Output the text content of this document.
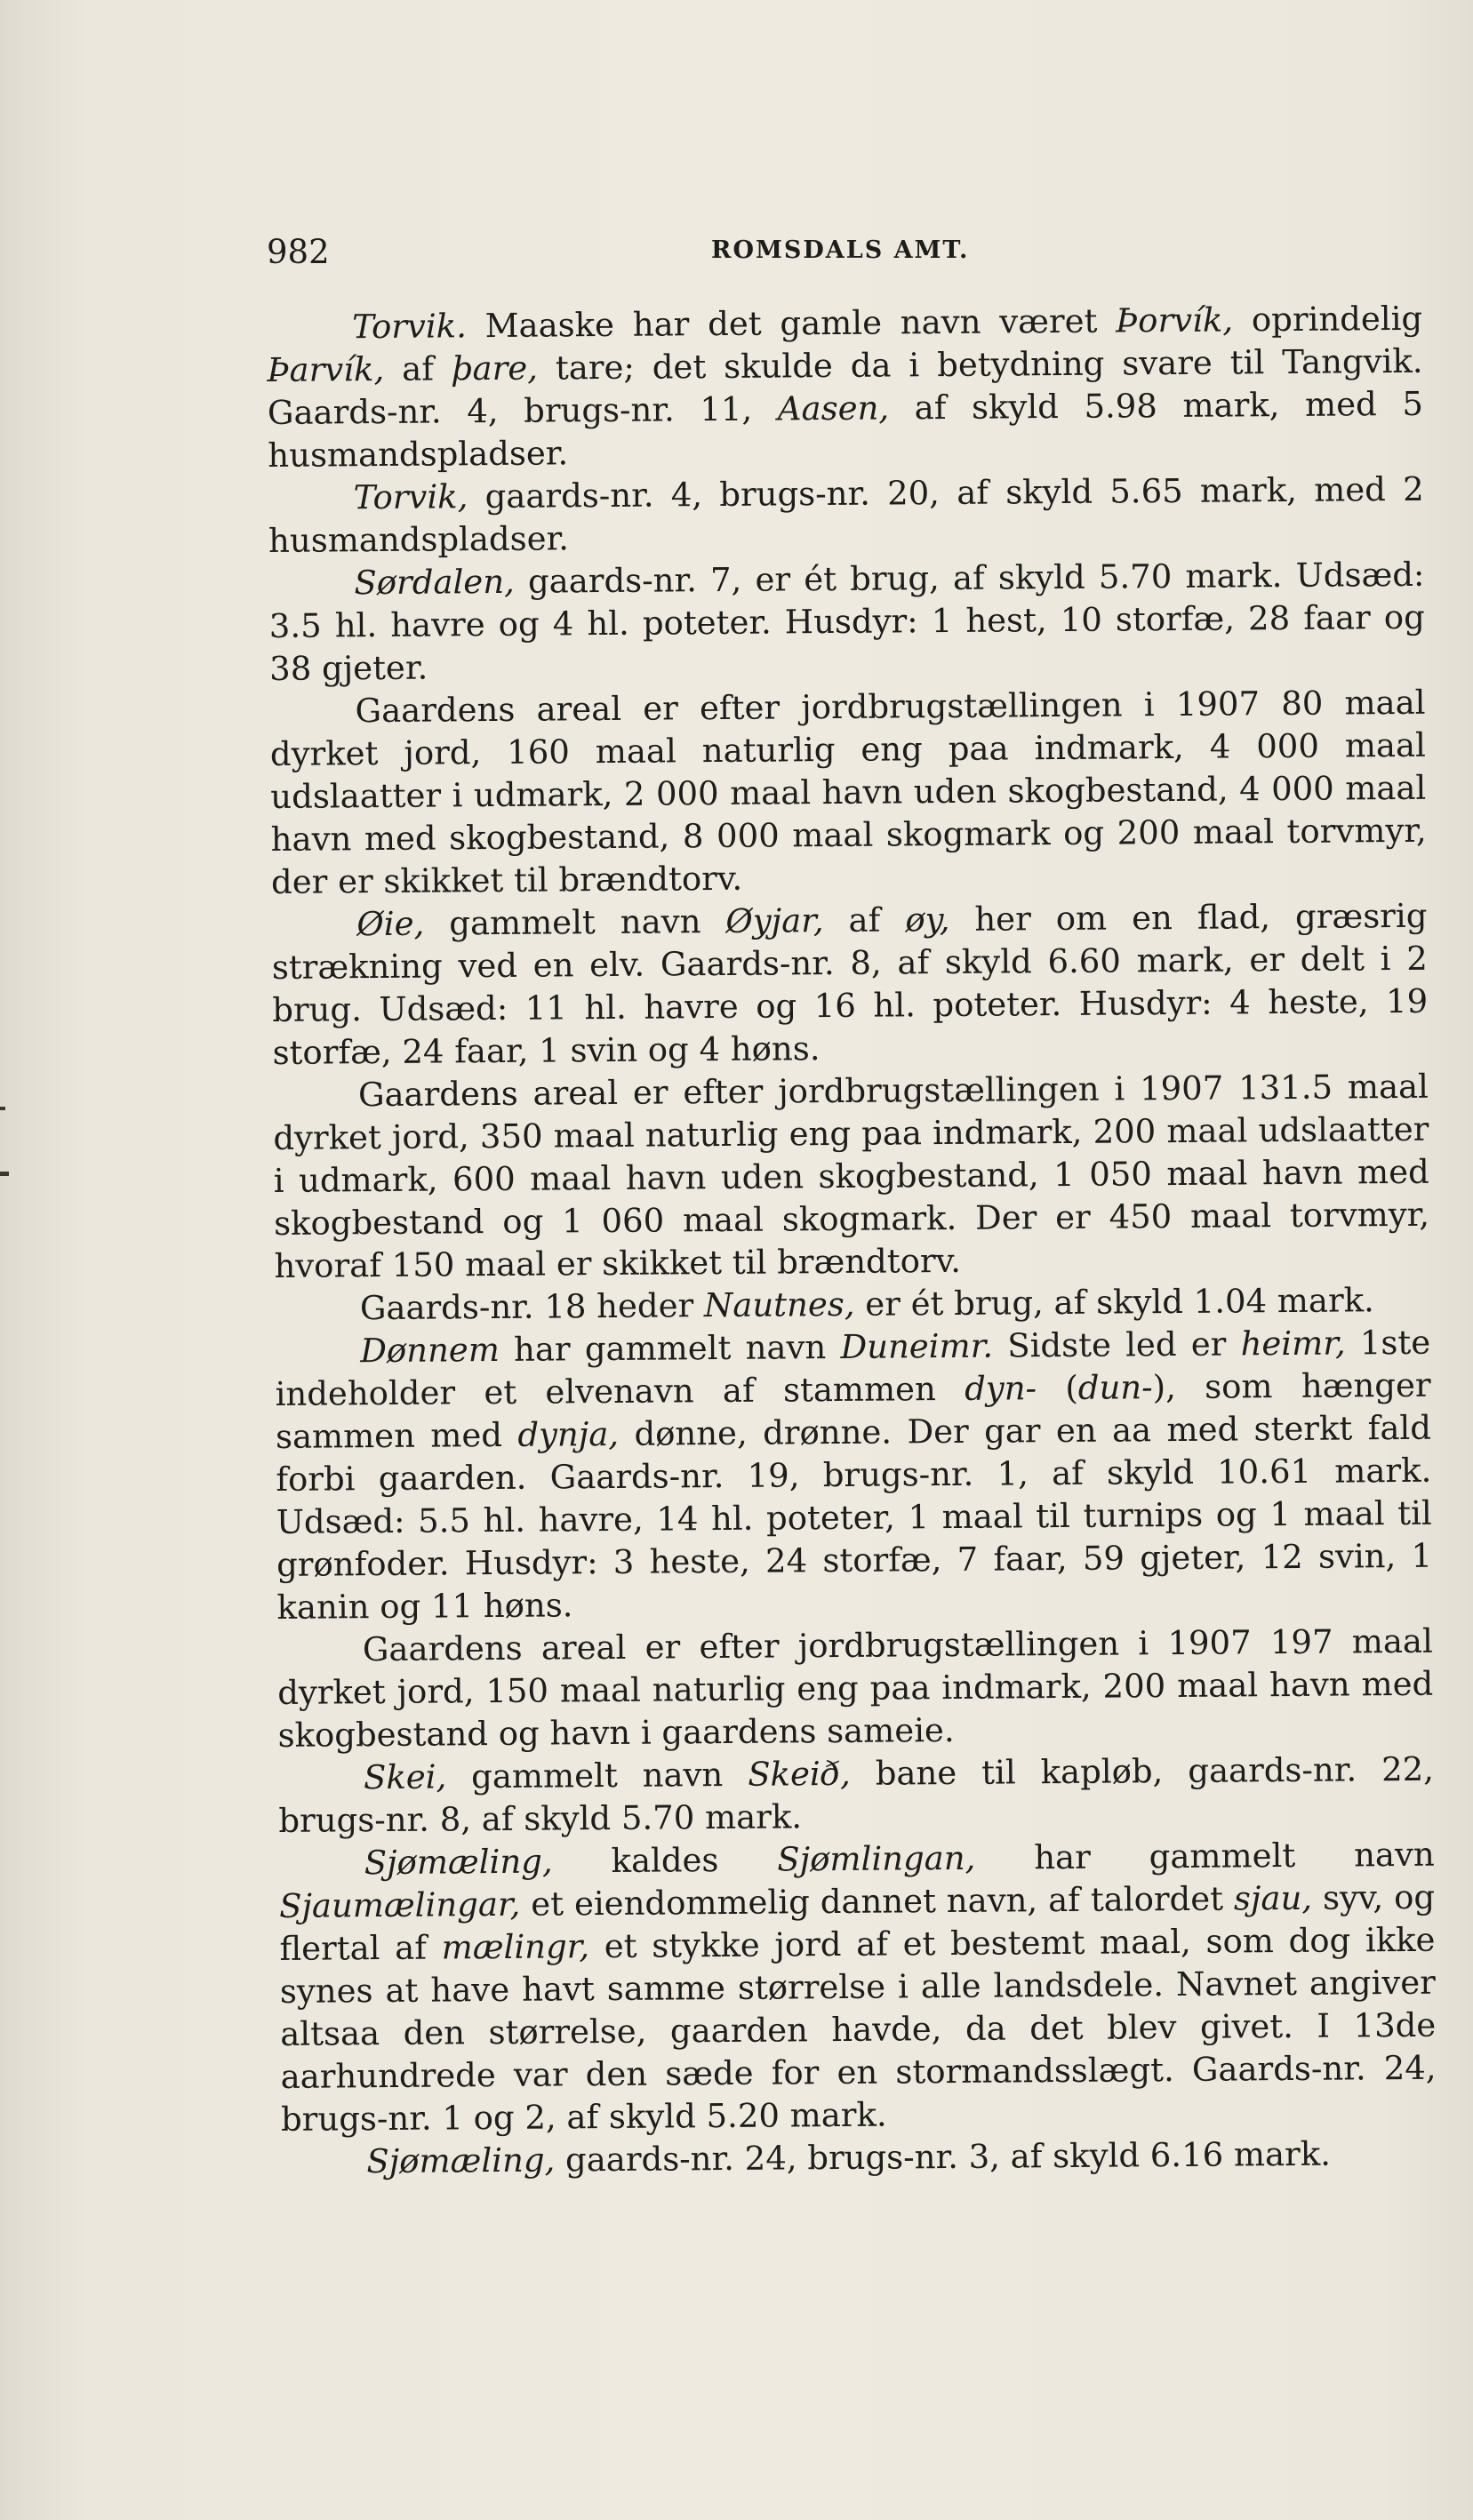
982	ROMSDALS AMT.

Torvik. Maaske har det gamle navn været Þorvík, oprindelig Þarvík, af þare, tare; det skulde da i betydning svare til Tangvik. Gaards-nr. 4, brugs-nr. 11, Aasen, af skyld 5.98 mark, med 5 husmandspladser.

Torvik, gaards-nr. 4, brugs-nr. 20, af skyld 5.65 mark, med 2 husmandspladser.

Sørdalen, gaards-nr. 7, er ét brug, af skyld 5.70 mark. Udsæd: 3.5 hl. havre og 4 hl. poteter. Husdyr: 1 hest, 10 storfæ, 28 faar og 38 gjeter.

Gaardens areal er efter jordbrugstællingen i 1907 80 maal dyrket jord, 160 maal naturlig eng paa indmark, 4 000 maal udslaatter i udmark, 2 000 maal havn uden skogbestand, 4 000 maal havn med skogbestand, 8 000 maal skogmark og 200 maal torvmyr, der er skikket til brændtorv.

Øie, gammelt navn Øyjar, af øy, her om en flad, græsrig strækning ved en elv. Gaards-nr. 8, af skyld 6.60 mark, er delt i 2 brug. Udsæd: 11 hl. havre og 16 hl. poteter. Husdyr: 4 heste, 19 storfæ, 24 faar, 1 svin og 4 høns.

Gaardens areal er efter jordbrugstællingen i 1907 131.5 maal dyrket jord, 350 maal naturlig eng paa indmark, 200 maal udslaatter i udmark, 600 maal havn uden skogbestand, 1 050 maal havn med skogbestand og 1 060 maal skogmark. Der er 450 maal torvmyr, hvoraf 150 maal er skikket til brændtorv.

Gaards-nr. 18 heder Nautnes, er ét brug, af skyld 1.04 mark.

Dønnem har gammelt navn Duneimr. Sidste led er heimr, 1ste indeholder et elvenavn af stammen dyn- (dun-), som hænger sammen med dynja, dønne, drønne. Der gar en aa med sterkt fald forbi gaarden. Gaards-nr. 19, brugs-nr. 1, af skyld 10.61 mark. Udsæd: 5.5 hl. havre, 14 hl. poteter, 1 maal til turnips og 1 maal til grønfoder. Husdyr: 3 heste, 24 storfæ, 7 faar, 59 gjeter, 12 svin, 1 kanin og 11 høns.

Gaardens areal er efter jordbrugstællingen i 1907 197 maal dyrket jord, 150 maal naturlig eng paa indmark, 200 maal havn med skogbestand og havn i gaardens sameie.

Skei, gammelt navn Skeið, bane til kapløb, gaards-nr. 22, brugs-nr. 8, af skyld 5.70 mark.

Sjømæling, kaldes Sjømlingan, har gammelt navn Sjaumælingar, et eiendommelig dannet navn, af talordet sjau, syv, og flertal af mælingr, et stykke jord af et bestemt maal, som dog ikke synes at have havt samme størrelse i alle landsdele. Navnet angiver altsaa den størrelse, gaarden havde, da det blev givet. I 13de aarhundrede var den sæde for en stormandsslægt. Gaards-nr. 24, brugs-nr. 1 og 2, af skyld 5.20 mark.

Sjømæling, gaards-nr. 24, brugs-nr. 3, af skyld 6.16 mark.
